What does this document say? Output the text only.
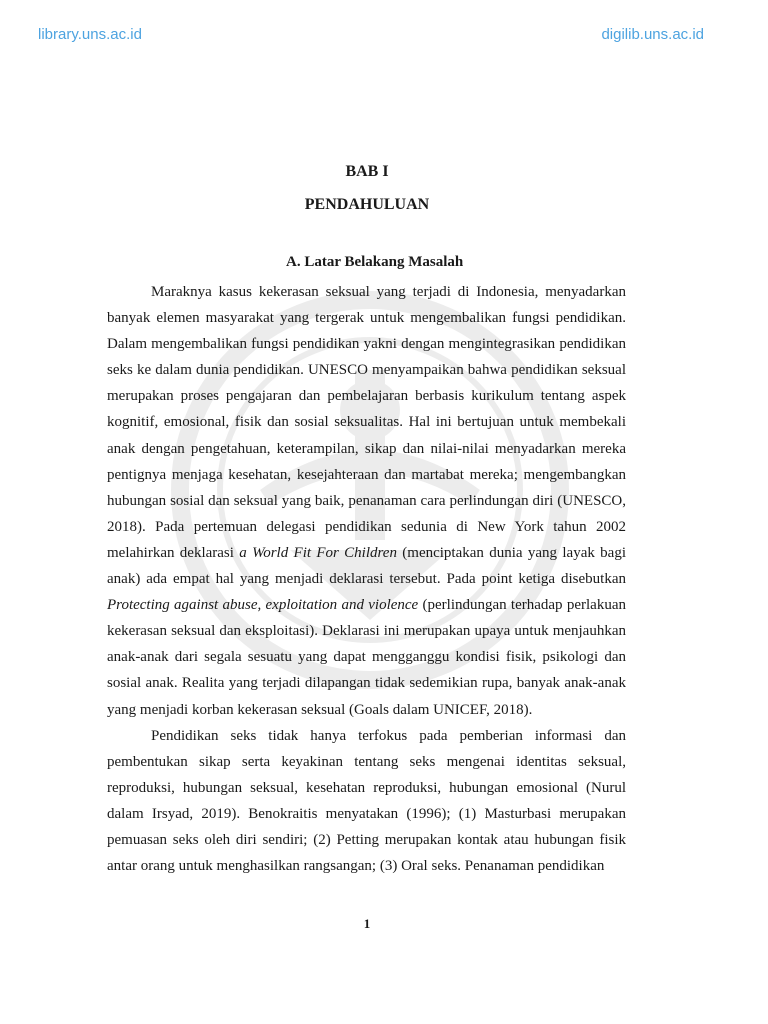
library.uns.ac.id	digilib.uns.ac.id
BAB I
PENDAHULUAN
A. Latar Belakang Masalah

Maraknya kasus kekerasan seksual yang terjadi di Indonesia, menyadarkan banyak elemen masyarakat yang tergerak untuk mengembalikan fungsi pendidikan. Dalam mengembalikan fungsi pendidikan yakni dengan mengintegrasikan pendidikan seks ke dalam dunia pendidikan. UNESCO menyampaikan bahwa pendidikan seksual merupakan proses pengajaran dan pembelajaran berbasis kurikulum tentang aspek kognitif, emosional, fisik dan sosial seksualitas. Hal ini bertujuan untuk membekali anak dengan pengetahuan, keterampilan, sikap dan nilai-nilai menyadarkan mereka pentignya menjaga kesehatan, kesejahteraan dan martabat mereka; mengembangkan hubungan sosial dan seksual yang baik, penanaman cara perlindungan diri (UNESCO, 2018). Pada pertemuan delegasi pendidikan sedunia di New York tahun 2002 melahirkan deklarasi a World Fit For Children (menciptakan dunia yang layak bagi anak) ada empat hal yang menjadi deklarasi tersebut. Pada point ketiga disebutkan Protecting against abuse, exploitation and violence (perlindungan terhadap perlakuan kekerasan seksual dan eksploitasi). Deklarasi ini merupakan upaya untuk menjauhkan anak-anak dari segala sesuatu yang dapat mengganggu kondisi fisik, psikologi dan sosial anak. Realita yang terjadi dilapangan tidak sedemikian rupa, banyak anak-anak yang menjadi korban kekerasan seksual (Goals dalam UNICEF, 2018).

Pendidikan seks tidak hanya terfokus pada pemberian informasi dan pembentukan sikap serta keyakinan tentang seks mengenai identitas seksual, reproduksi, hubungan seksual, kesehatan reproduksi, hubungan emosional (Nurul dalam Irsyad, 2019). Benokraitis menyatakan (1996); (1) Masturbasi merupakan pemuasan seks oleh diri sendiri; (2) Petting merupakan kontak atau hubungan fisik antar orang untuk menghasilkan rangsangan; (3) Oral seks. Penanaman pendidikan

1
